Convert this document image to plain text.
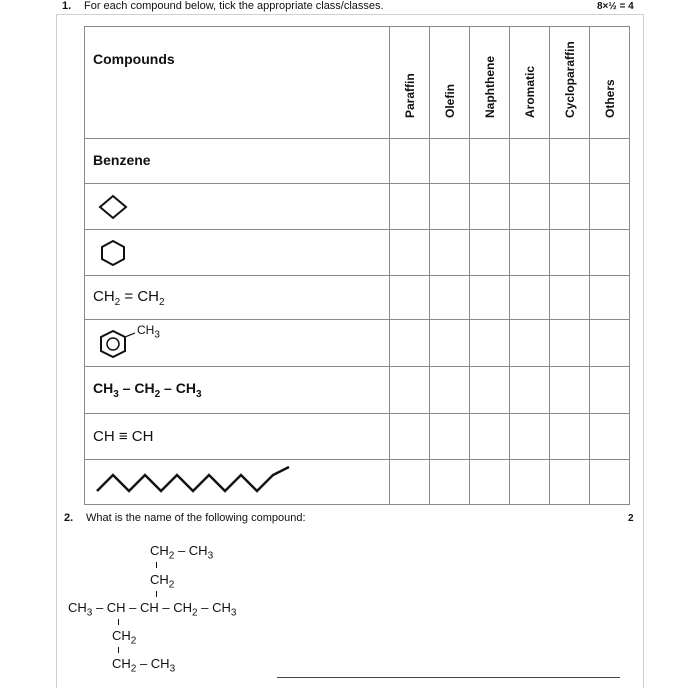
1. For each compound below, tick the appropriate class/classes.	8×½ = 4
Compounds	Paraffin	Olefin	Naphthene	Aromatic	Cycloparaffin	Others

Benzene						

$CH_2 = CH_2$						

$CH_3$

$CH_3 - CH_2 - CH_3$						
CH ≡ CH						

2. What is the name of the following compound:	2
$CH_2 - CH_3$
$CH_2$
$CH_3$ – CH – CH – $CH_2 - CH_3$
$CH_2$
$CH_2 - CH_3$
